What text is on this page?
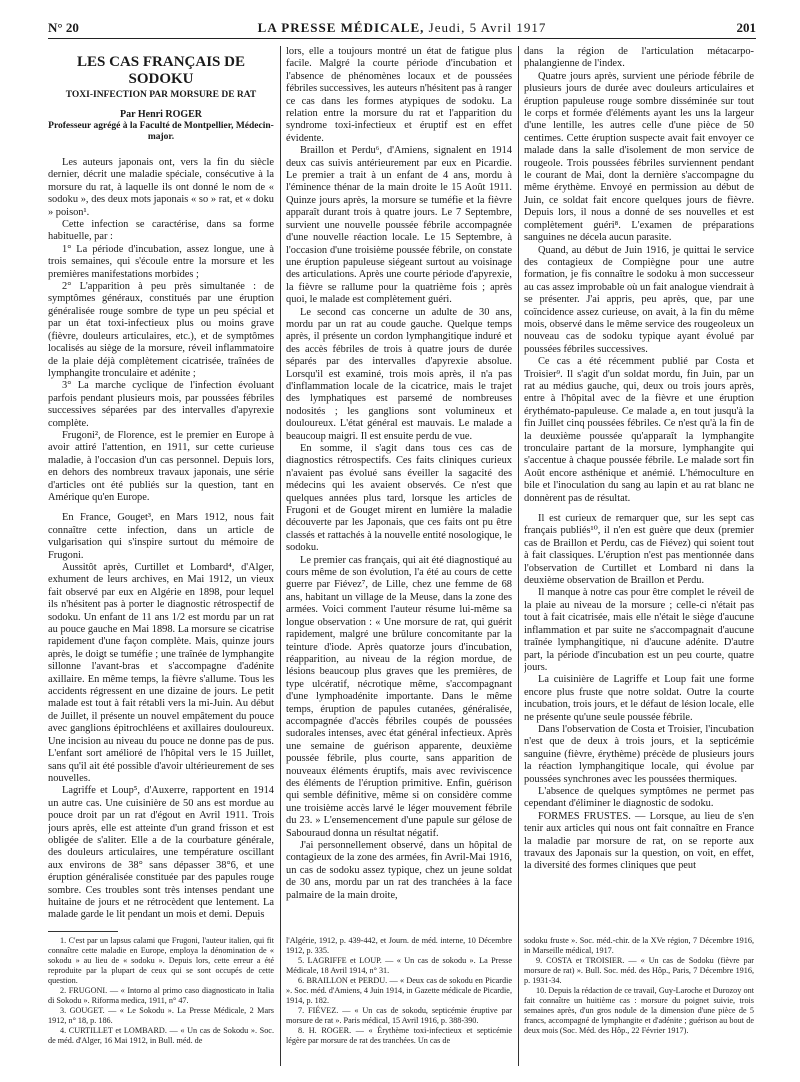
N° 20	LA PRESSE MÉDICALE, Jeudi, 5 Avril 1917	201
LES CAS FRANÇAIS DE SODOKU
TOXI-INFECTION PAR MORSURE DE RAT
Par Henri ROGER
Professeur agrégé à la Faculté de Montpellier, Médecin-major.

Les auteurs japonais ont, vers la fin du siècle dernier, décrit une maladie spéciale, consécutive à la morsure du rat, à laquelle ils ont donné le nom de « sodoku », des deux mots japonais « so » rat, et « doku » poison¹.

Cette infection se caractérise, dans sa forme habituelle, par :

1° La période d'incubation, assez longue, une à trois semaines, qui s'écoule entre la morsure et les premières manifestations morbides ;

2° L'apparition à peu près simultanée : de symptômes généraux, constitués par une éruption généralisée rouge sombre de type un peu spécial et par un état toxi-infectieux plus ou moins grave (fièvre, douleurs articulaires, etc.), et de symptômes localisés au siège de la morsure, réveil inflammatoire de la plaie déjà complètement cicatrisée, traînées de lymphangite tronculaire et adénite ;

3° La marche cyclique de l'infection évoluant parfois pendant plusieurs mois, par poussées fébriles successives séparées par des intervalles d'apyrexie complète.

Frugoni², de Florence, est le premier en Europe à avoir attiré l'attention, en 1911, sur cette curieuse maladie, à l'occasion d'un cas personnel. Depuis lors, en dehors des nombreux travaux japonais, une série d'articles ont été publiés sur la question, tant en Amérique qu'en Europe.

En France, Gouget³, en Mars 1912, nous fait connaître cette infection, dans un article de vulgarisation qui s'inspire surtout du mémoire de Frugoni.

Aussitôt après, Curtillet et Lombard⁴, d'Alger, exhument de leurs archives, en Mai 1912, un vieux fait observé par eux en Algérie en 1898, pour lequel ils n'hésitent pas à porter le diagnostic rétrospectif de sodoku. Un enfant de 11 ans 1/2 est mordu par un rat au pouce gauche en Mai 1898. La morsure se cicatrise rapidement d'une façon complète. Mais, quinze jours après, le doigt se tuméfie ; une traînée de lymphangite sillonne l'avant-bras et s'accompagne d'adénite axillaire. En même temps, la fièvre s'allume. Tous les accidents régressent en une dizaine de jours. Le petit malade est tout à fait rétabli vers la mi-Juin. Au début de Juillet, il présente un nouvel empâtement du pouce avec ganglions épitrochléens et axillaires douloureux. Une incision au niveau du pouce ne donne pas de pus. L'enfant sort amélioré de l'hôpital vers le 15 Juillet, sans qu'il ait été possible d'avoir ultérieurement de ses nouvelles.

Lagriffe et Loup⁵, d'Auxerre, rapportent en 1914 un autre cas. Une cuisinière de 50 ans est mordue au pouce droit par un rat d'égout en Avril 1911. Trois jours après, elle est atteinte d'un grand frisson et est obligée de s'aliter. Elle a de la courbature générale, des douleurs articulaires, une température oscillant aux environs de 38° sans dépasser 38°6, et une éruption généralisée constituée par des papules rouge sombre. Ces troubles sont très intenses pendant une huitaine de jours et ne rétrocèdent que lentement. La malade garde le lit pendant un mois et demi. Depuis

lors, elle a toujours montré un état de fatigue plus facile. Malgré la courte période d'incubation et l'absence de phénomènes locaux et de poussées fébriles successives, les auteurs n'hésitent pas à ranger ce cas dans les formes atypiques de sodoku. La relation entre la morsure du rat et l'apparition du syndrome toxi-infectieux et éruptif est en effet évidente.

Braillon et Perdu⁶, d'Amiens, signalent en 1914 deux cas suivis antérieurement par eux en Picardie. Le premier a trait à un enfant de 4 ans, mordu à l'éminence thénar de la main droite le 15 Août 1911. Quinze jours après, la morsure se tuméfie et la fièvre apparaît durant trois à quatre jours. Le 7 Septembre, survient une nouvelle poussée fébrile accompagnée d'une nouvelle réaction locale. Le 15 Septembre, à l'occasion d'une troisième poussée fébrile, on constate une éruption papuleuse siégeant surtout au voisinage des articulations. Après une courte période d'apyrexie, la fièvre se rallume pour la quatrième fois ; après quoi, le malade est complètement guéri.

Le second cas concerne un adulte de 30 ans, mordu par un rat au coude gauche. Quelque temps après, il présente un cordon lymphangitique induré et des accès fébriles de trois à quatre jours de durée séparés par des intervalles d'apyrexie absolue. Lorsqu'il est examiné, trois mois après, il n'a pas d'inflammation locale de la cicatrice, mais le trajet des lymphatiques est parsemé de nombreuses nodosités ; les ganglions sont volumineux et douloureux. L'état général est mauvais. Le malade a beaucoup maigri. Il est ensuite perdu de vue.

En somme, il s'agit dans tous ces cas de diagnostics rétrospectifs. Ces faits cliniques curieux n'avaient pas évolué sans éveiller la sagacité des médecins qui les avaient observés. Ce n'est que quelques années plus tard, lorsque les articles de Frugoni et de Gouget mirent en lumière la maladie découverte par les Japonais, que ces faits ont pu être classés et rattachés à la nouvelle entité nosologique, le sodoku.

Le premier cas français, qui ait été diagnostiqué au cours même de son évolution, l'a été au cours de cette guerre par Fiévez⁷, de Lille, chez une femme de 68 ans, habitant un village de la Meuse, dans la zone des armées. Voici comment l'auteur résume lui-même sa longue observation : « Une morsure de rat, qui guérit rapidement, malgré une brûlure concomitante par la teinture d'iode. Après quatorze jours d'incubation, réapparition, au niveau de la région mordue, de lésions beaucoup plus graves que les premières, de type ulcératif, nécrotique même, s'accompagnant d'une lymphoadénite importante. Dans le même temps, éruption de papules cutanées, généralisée, accompagnée d'accès fébriles coupés de poussées sudorales intenses, avec état général infectieux. Après une semaine de guérison apparente, deuxième poussée fébrile, plus courte, sans apparition de nouveaux éléments éruptifs, mais avec reviviscence des éléments de l'éruption primitive. Enfin, guérison qui semble définitive, même si on considère comme une troisième accès larvé le léger mouvement fébrile du 23. » L'ensemencement d'une papule sur gélose de Sabouraud donna un résultat négatif.

J'ai personnellement observé, dans un hôpital de contagieux de la zone des armées, fin Avril-Mai 1916, un cas de sodoku assez typique, chez un jeune soldat de 30 ans, mordu par un rat des tranchées à la face palmaire de la main droite,

dans la région de l'articulation métacarpo-phalangienne de l'index.

Quatre jours après, survient une période fébrile de plusieurs jours de durée avec douleurs articulaires et éruption papuleuse rouge sombre disséminée sur tout le corps et formée d'éléments ayant les uns la largeur d'une lentille, les autres celle d'une pièce de 50 centimes. Cette éruption suspecte avait fait envoyer ce malade dans la salle d'isolement de mon service de rougeole. Trois poussées fébriles surviennent pendant le courant de Mai, dont la dernière s'accompagne du même érythème. Envoyé en permission au début de Juin, ce soldat fait encore quelques jours de fièvre. Depuis lors, il nous a donné de ses nouvelles et est complètement guéri⁸. L'examen de préparations sanguines ne décela aucun parasite.

Quand, au début de Juin 1916, je quittai le service des contagieux de Compiègne pour une autre formation, je fis connaître le sodoku à mon successeur au cas assez improbable où un fait analogue viendrait à se présenter. J'ai appris, peu après, que, par une coïncidence assez curieuse, on avait, à la fin du même mois, observé dans le même service des rougeoleux un nouveau cas de sodoku typique ayant évolué par poussées fébriles successives.

Ce cas a été récemment publié par Costa et Troisier⁹. Il s'agit d'un soldat mordu, fin Juin, par un rat au médius gauche, qui, deux ou trois jours après, entre à l'hôpital avec de la fièvre et une éruption érythémato-papuleuse. Ce malade a, en tout jusqu'à la fin Juillet cinq poussées fébriles. Ce n'est qu'à la fin de la deuxième poussée qu'apparaît la lymphangite tronculaire partant de la morsure, lymphangite qui s'accentue à chaque poussée fébrile. Le malade sort fin Août encore asthénique et anémié. L'hémoculture en bile et l'inoculation du sang au lapin et au rat blanc ne donnèrent pas de résultat.

Il est curieux de remarquer que, sur les sept cas français publiés¹⁰, il n'en est guère que deux (premier cas de Braillon et Perdu, cas de Fiévez) qui soient tout à fait classiques. L'éruption n'est pas mentionnée dans l'observation de Curtillet et Lombard ni dans la deuxième observation de Braillon et Perdu.

Il manque à notre cas pour être complet le réveil de la plaie au niveau de la morsure ; celle-ci n'était pas tout à fait cicatrisée, mais elle n'était le siège d'aucune inflammation et par suite ne s'accompagnait d'aucune traînée lymphangitique, ni d'aucune adénite. D'autre part, la période d'incubation est un peu courte, quatre jours.

La cuisinière de Lagriffe et Loup fait une forme encore plus fruste que notre soldat. Outre la courte incubation, trois jours, et le défaut de lésion locale, elle ne présente qu'une seule poussée fébrile.

Dans l'observation de Costa et Troisier, l'incubation n'est que de deux à trois jours, et la septicémie sanguine (fièvre, érythème) précède de plusieurs jours la réaction lymphangitique locale, qui évolue par poussées synchrones avec les poussées thermiques.

L'absence de quelques symptômes ne permet pas cependant d'éliminer le diagnostic de sodoku.

FORMES FRUSTES. — Lorsque, au lieu de s'en tenir aux articles qui nous ont fait connaître en France la maladie par morsure de rat, on se reporte aux travaux des Japonais sur la question, on voit, en effet, la diversité des formes cliniques que peut

1. C'est par un lapsus calami que Frugoni, l'auteur italien, qui fit connaître cette maladie en Europe, employa la dénomination de « sokodu » au lieu de « sodoku ». Depuis lors, cette erreur a été reproduite par la plupart de ceux qui se sont occupés de cette question.

2. FRUGONI. — « Intorno al primo caso diagnosticato in Italia di Sokodu ». Riforma medica, 1911, n° 47.

3. GOUGET. — « Le Sokodu ». La Presse Médicale, 2 Mars 1912, n° 18, p. 186.

4. CURTILLET et LOMBARD. — « Un cas de Sokodu ». Soc. de méd. d'Alger, 16 Mai 1912, in Bull. méd. de

l'Algérie, 1912, p. 439-442, et Journ. de méd. interne, 10 Décembre 1912, p. 335.

5. LAGRIFFE et LOUP. — « Un cas de sokodu ». La Presse Médicale, 18 Avril 1914, n° 31.

6. BRAILLON et PERDU. — « Deux cas de sokodu en Picardie ». Soc. méd. d'Amiens, 4 Juin 1914, in Gazette médicale de Picardie, 1914, p. 182.

7. FIÉVEZ. — « Un cas de sokodu, septicémie éruptive par morsure de rat ». Paris médical, 15 Avril 1916, p. 388-390.

8. H. ROGER. — « Érythème toxi-infectieux et septicémie légère par morsure de rat des tranchées. Un cas de

sodoku fruste ». Soc. méd.-chir. de la XVe région, 7 Décembre 1916, in Marseille médical, 1917.

9. COSTA et TROISIER. — « Un cas de Sodoku (fièvre par morsure de rat) ». Bull. Soc. méd. des Hôp., Paris, 7 Décembre 1916, p. 1931-34.

10. Depuis la rédaction de ce travail, Guy-Laroche et Durozoy ont fait connaître un huitième cas : morsure du poignet suivie, trois semaines après, d'un gros nodule de la dimension d'une pièce de 5 francs, accompagné de lymphangite et d'adénite ; guérison au bout de deux mois (Soc. Méd. des Hôp., 22 Février 1917).
